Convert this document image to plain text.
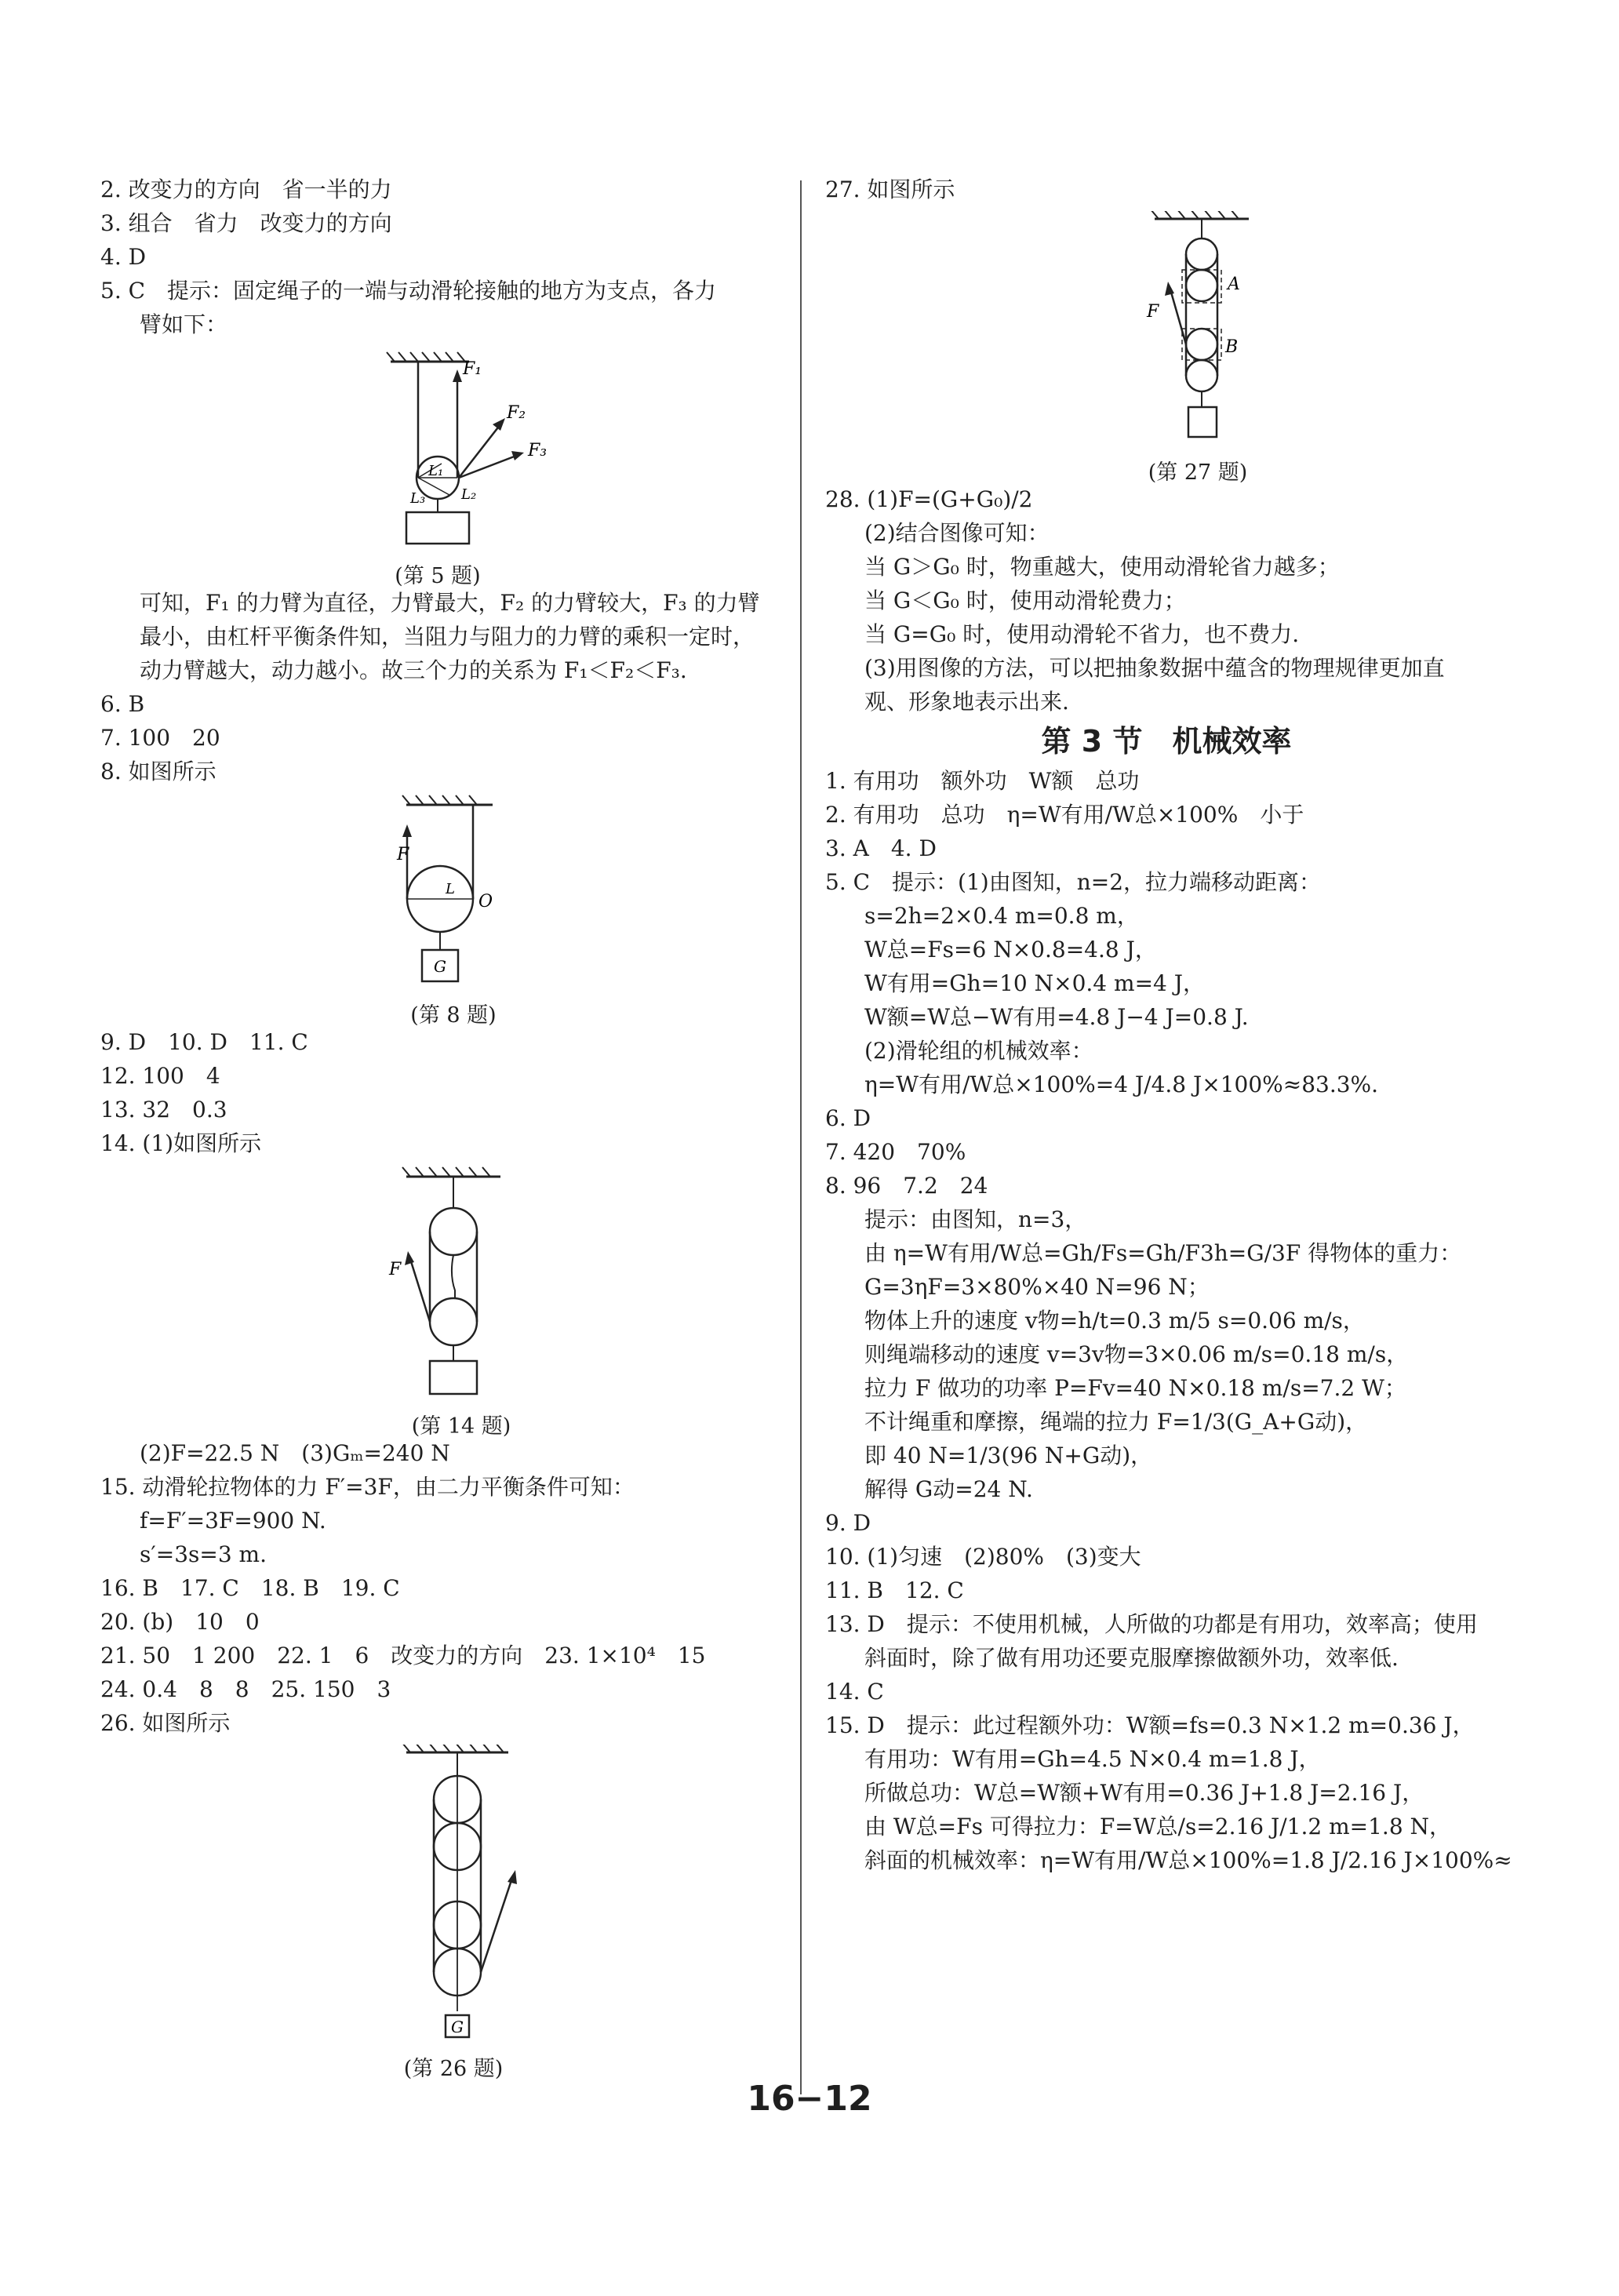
2. 改变力的方向　省一半的力
3. 组合　省力　改变力的方向
4. D
5. C　提示：固定绳子的一端与动滑轮接触的地方为支点，各力
臂如下：
F₁
F₂
F₃
L₁
L₂
L₃
(第 5 题)
可知，F₁ 的力臂为直径，力臂最大，F₂ 的力臂较大，F₃ 的力臂
最小，由杠杆平衡条件知，当阻力与阻力的力臂的乘积一定时，
动力臂越大，动力越小。故三个力的关系为 F₁＜F₂＜F₃.
6. B
7. 100　20
8. 如图所示
F
O
G
L
(第 8 题)
9. D　10. D　11. C
12. 100　4
13. 32　0.3
14. (1)如图所示
F
(第 14 题)
(2)F=22.5 N　(3)Gₘ=240 N
15. 动滑轮拉物体的力 F′=3F，由二力平衡条件可知：
f=F′=3F=900 N.
s′=3s=3 m.
16. B　17. C　18. B　19. C
20. (b)　10　0
21. 50　1 200　22. 1　6　改变力的方向　23. 1×10⁴　15
24. 0.4　8　8　25. 150　3
26. 如图所示
G
(第 26 题)
27. 如图所示
A
B
F
(第 27 题)
28. (1)F=(G+G₀)/2
(2)结合图像可知：
当 G＞G₀ 时，物重越大，使用动滑轮省力越多；
当 G＜G₀ 时，使用动滑轮费力；
当 G=G₀ 时，使用动滑轮不省力，也不费力.
(3)用图像的方法，可以把抽象数据中蕴含的物理规律更加直
观、形象地表示出来.
第 3 节　机械效率
1. 有用功　额外功　W额　总功
2. 有用功　总功　η=W有用/W总×100%　小于
3. A　4. D
5. C　提示：(1)由图知，n=2，拉力端移动距离：
s=2h=2×0.4 m=0.8 m，
W总=Fs=6 N×0.8=4.8 J，
W有用=Gh=10 N×0.4 m=4 J，
W额=W总−W有用=4.8 J−4 J=0.8 J.
(2)滑轮组的机械效率：
η=W有用/W总×100%=4 J/4.8 J×100%≈83.3%.
6. D
7. 420　70%
8. 96　7.2　24
提示：由图知，n=3，
由 η=W有用/W总=Gh/Fs=Gh/F3h=G/3F 得物体的重力：
G=3ηF=3×80%×40 N=96 N；
物体上升的速度 v物=h/t=0.3 m/5 s=0.06 m/s，
则绳端移动的速度 v=3v物=3×0.06 m/s=0.18 m/s，
拉力 F 做功的功率 P=Fv=40 N×0.18 m/s=7.2 W；
不计绳重和摩擦，绳端的拉力 F=1/3(G_A+G动)，
即 40 N=1/3(96 N+G动)，
解得 G动=24 N.
9. D
10. (1)匀速　(2)80%　(3)变大
11. B　12. C
13. D　提示：不使用机械，人所做的功都是有用功，效率高；使用
斜面时，除了做有用功还要克服摩擦做额外功，效率低.
14. C
15. D　提示：此过程额外功：W额=fs=0.3 N×1.2 m=0.36 J，
有用功：W有用=Gh=4.5 N×0.4 m=1.8 J，
所做总功：W总=W额+W有用=0.36 J+1.8 J=2.16 J，
由 W总=Fs 可得拉力：F=W总/s=2.16 J/1.2 m=1.8 N，
斜面的机械效率：η=W有用/W总×100%=1.8 J/2.16 J×100%≈
16−12
